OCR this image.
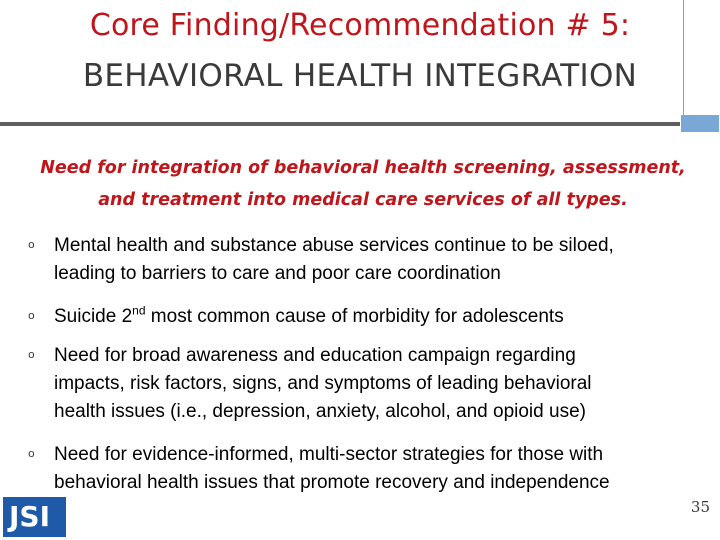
Core Finding/Recommendation # 5:
BEHAVIORAL HEALTH INTEGRATION
Need for integration of behavioral health screening, assessment,
and treatment into medical care services of all types.
o Mental health and substance abuse services continue to be siloed,
leading to barriers to care and poor care coordination
o Suicide 2nd most common cause of morbidity for adolescents
o Need for broad awareness and education campaign regarding
impacts, risk factors, signs, and symptoms of leading behavioral
health issues (i.e., depression, anxiety, alcohol, and opioid use)
o Need for evidence-informed, multi-sector strategies for those with
behavioral health issues that promote recovery and independence
JSI	35
